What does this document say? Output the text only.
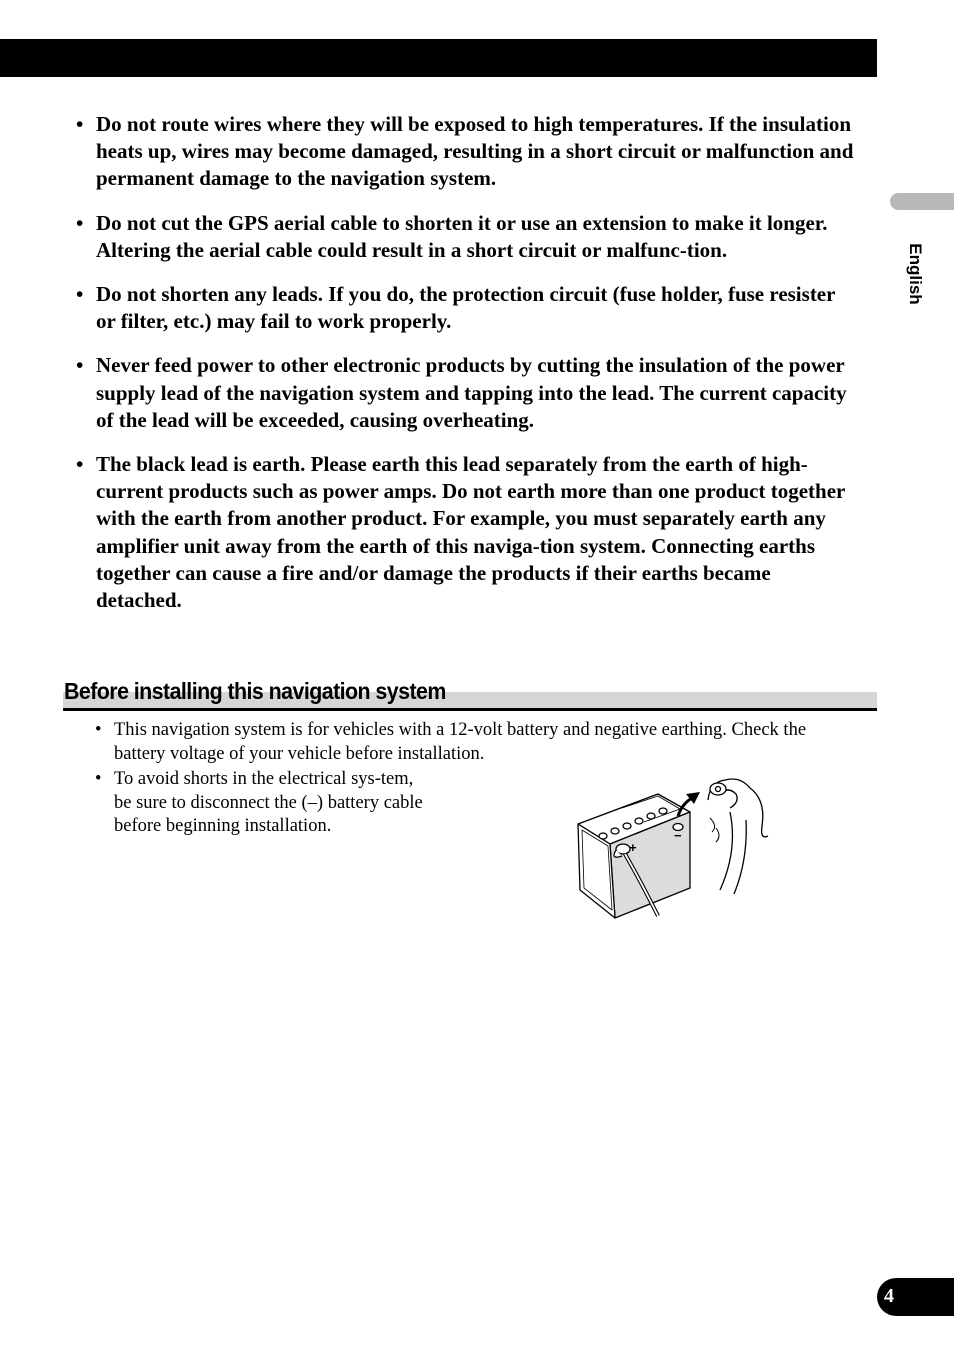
English
• Do not route wires where they will be exposed to high temperatures. If the insulation heats up, wires may become damaged, resulting in a short circuit or malfunction and permanent damage to the navigation system.
• Do not cut the GPS aerial cable to shorten it or use an extension to make it longer. Altering the aerial cable could result in a short circuit or malfunc-tion.
• Do not shorten any leads. If you do, the protection circuit (fuse holder, fuse resister or filter, etc.) may fail to work properly.
• Never feed power to other electronic products by cutting the insulation of the power supply lead of the navigation system and tapping into the lead. The current capacity of the lead will be exceeded, causing overheating.
• The black lead is earth. Please earth this lead separately from the earth of high-current products such as power amps. Do not earth more than one product together with the earth from another product. For example, you must separately earth any amplifier unit away from the earth of this naviga-tion system. Connecting earths together can cause a fire and/or damage the products if their earths became detached.
Before installing this navigation system

• This navigation system is for vehicles with a 12-volt battery and negative earthing. Check the battery voltage of your vehicle before installation.

• To avoid shorts in the electrical sys-tem, be sure to disconnect the (–) battery cable before beginning installation.

+
−
4
